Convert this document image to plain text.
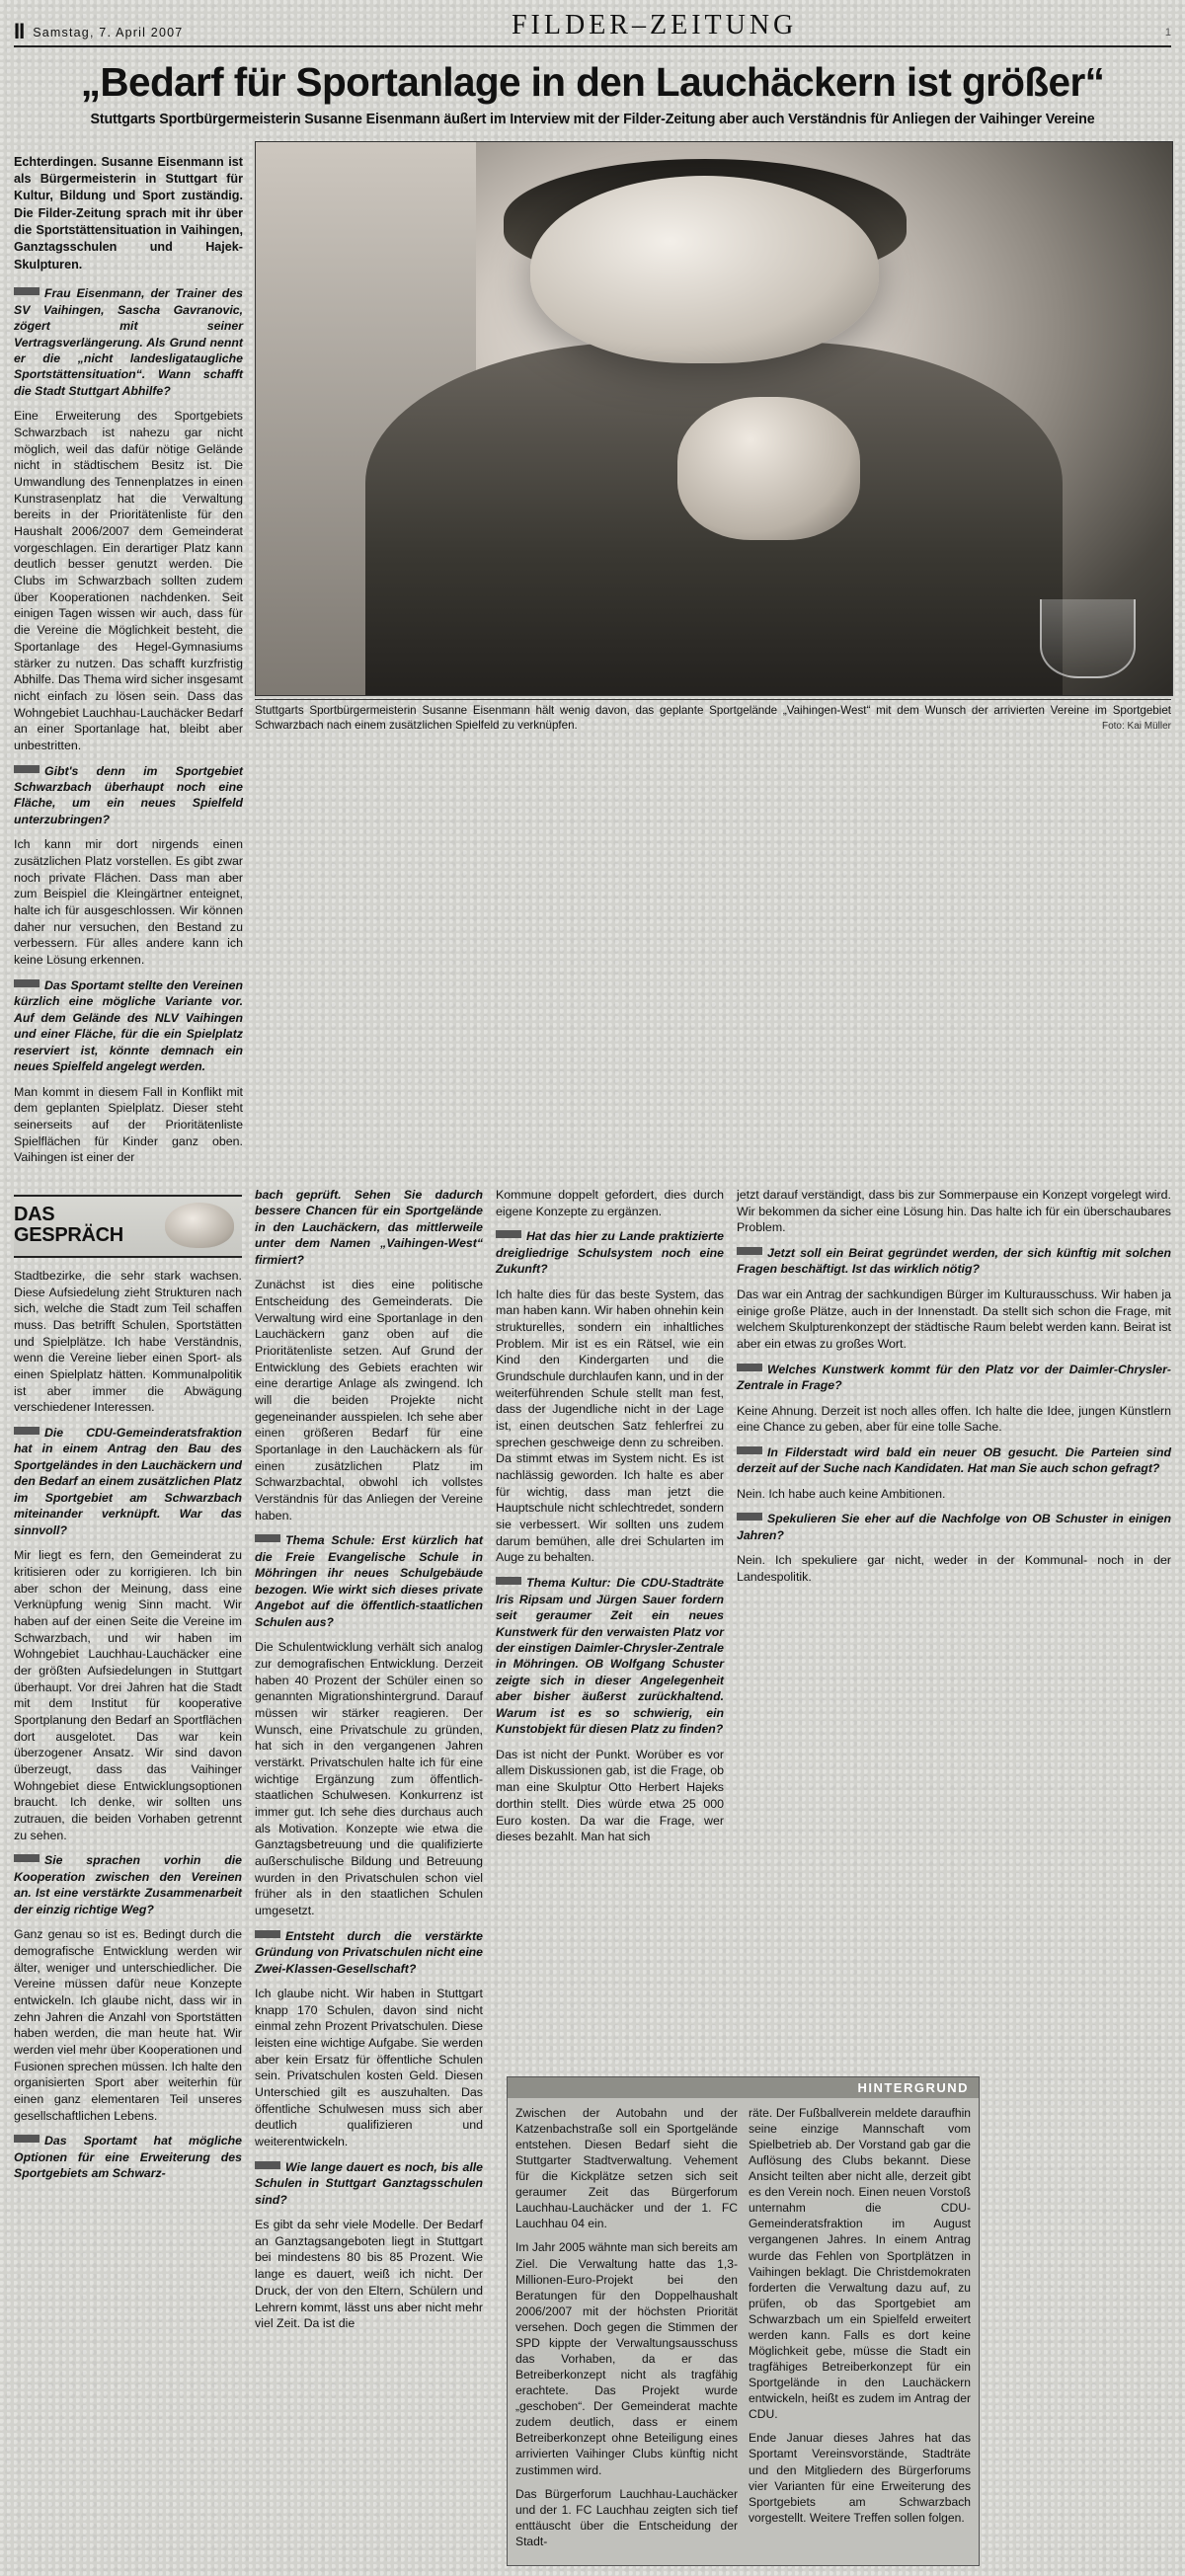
II Samstag, 7. April 2007	FILDER–ZEITUNG	1
„Bedarf für Sportanlage in den Lauchäckern ist größer“
Stuttgarts Sportbürgermeisterin Susanne Eisenmann äußert im Interview mit der Filder-Zeitung aber auch Verständnis für Anliegen der Vaihinger Vereine

Echterdingen. Susanne Eisenmann ist als Bürgermeisterin in Stuttgart für Kultur, Bildung und Sport zuständig. Die Filder-Zeitung sprach mit ihr über die Sportstättensituation in Vaihingen, Ganztagsschulen und Hajek-Skulpturen.

Frau Eisenmann, der Trainer des SV Vaihingen, Sascha Gavranovic, zögert mit seiner Vertragsverlängerung. Als Grund nennt er die „nicht landesligataugliche Sportstättensituation“. Wann schafft die Stadt Stuttgart Abhilfe?

Eine Erweiterung des Sportgebiets Schwarzbach ist nahezu gar nicht möglich, weil das dafür nötige Gelände nicht in städtischem Besitz ist. Die Umwandlung des Tennenplatzes in einen Kunstrasenplatz hat die Verwaltung bereits in der Prioritätenliste für den Haushalt 2006/2007 dem Gemeinderat vorgeschlagen. Ein derartiger Platz kann deutlich besser genutzt werden. Die Clubs im Schwarzbach sollten zudem über Kooperationen nachdenken. Seit einigen Tagen wissen wir auch, dass für die Vereine die Möglichkeit besteht, die Sportanlage des Hegel-Gymnasiums stärker zu nutzen. Das schafft kurzfristig Abhilfe. Das Thema wird sicher insgesamt nicht einfach zu lösen sein. Dass das Wohngebiet Lauchhau-Lauchäcker Bedarf an einer Sportanlage hat, bleibt aber unbestritten.

Gibt's denn im Sportgebiet Schwarzbach überhaupt noch eine Fläche, um ein neues Spielfeld unterzubringen?

Ich kann mir dort nirgends einen zusätzlichen Platz vorstellen. Es gibt zwar noch private Flächen. Dass man aber zum Beispiel die Kleingärtner enteignet, halte ich für ausgeschlossen. Wir können daher nur versuchen, den Bestand zu verbessern. Für alles andere kann ich keine Lösung erkennen.

Das Sportamt stellte den Vereinen kürzlich eine mögliche Variante vor. Auf dem Gelände des NLV Vaihingen und einer Fläche, für die ein Spielplatz reserviert ist, könnte demnach ein neues Spielfeld angelegt werden.

Man kommt in diesem Fall in Konflikt mit dem geplanten Spielplatz. Dieser steht seinerseits auf der Prioritätenliste Spielflächen für Kinder ganz oben. Vaihingen ist einer der

Stuttgarts Sportbürgermeisterin Susanne Eisenmann hält wenig davon, das geplante Sportgelände „Vaihingen-West“ mit dem Wunsch der arrivierten Vereine im Sportgebiet Schwarzbach nach einem zusätzlichen Spielfeld zu verknüpfen.	Foto: Kai Müller
DAS
GESPRÄCH

Stadtbezirke, die sehr stark wachsen. Diese Aufsiedelung zieht Strukturen nach sich, welche die Stadt zum Teil schaffen muss. Das betrifft Schulen, Sportstätten und Spielplätze. Ich habe Verständnis, wenn die Vereine lieber einen Sport- als einen Spielplatz hätten. Kommunalpolitik ist aber immer die Abwägung verschiedener Interessen.

Die CDU-Gemeinderatsfraktion hat in einem Antrag den Bau des Sportgeländes in den Lauchäckern und den Bedarf an einem zusätzlichen Platz im Sportgebiet am Schwarzbach miteinander verknüpft. War das sinnvoll?

Mir liegt es fern, den Gemeinderat zu kritisieren oder zu korrigieren. Ich bin aber schon der Meinung, dass eine Verknüpfung wenig Sinn macht. Wir haben auf der einen Seite die Vereine im Schwarzbach, und wir haben im Wohngebiet Lauchhau-Lauchäcker eine der größten Aufsiedelungen in Stuttgart überhaupt. Vor drei Jahren hat die Stadt mit dem Institut für kooperative Sportplanung den Bedarf an Sportflächen dort ausgelotet. Das war kein überzogener Ansatz. Wir sind davon überzeugt, dass das Vaihinger Wohngebiet diese Entwicklungsoptionen braucht. Ich denke, wir sollten uns zutrauen, die beiden Vorhaben getrennt zu sehen.

Sie sprachen vorhin die Kooperation zwischen den Vereinen an. Ist eine verstärkte Zusammenarbeit der einzig richtige Weg?

Ganz genau so ist es. Bedingt durch die demografische Entwicklung werden wir älter, weniger und unterschiedlicher. Die Vereine müssen dafür neue Konzepte entwickeln. Ich glaube nicht, dass wir in zehn Jahren die Anzahl von Sportstätten haben werden, die man heute hat. Wir werden viel mehr über Kooperationen und Fusionen sprechen müssen. Ich halte den organisierten Sport aber weiterhin für einen ganz elementaren Teil unseres gesellschaftlichen Lebens.

Das Sportamt hat mögliche Optionen für eine Erweiterung des Sportgebiets am Schwarz-

bach geprüft. Sehen Sie dadurch bessere Chancen für ein Sportgelände in den Lauchäckern, das mittlerweile unter dem Namen „Vaihingen-West“ firmiert?

Zunächst ist dies eine politische Entscheidung des Gemeinderats. Die Verwaltung wird eine Sportanlage in den Lauchäckern ganz oben auf die Prioritätenliste setzen. Auf Grund der Entwicklung des Gebiets erachten wir eine derartige Anlage als zwingend. Ich will die beiden Projekte nicht gegeneinander ausspielen. Ich sehe aber einen größeren Bedarf für eine Sportanlage in den Lauchäckern als für einen zusätzlichen Platz im Schwarzbachtal, obwohl ich vollstes Verständnis für das Anliegen der Vereine haben.

Thema Schule: Erst kürzlich hat die Freie Evangelische Schule in Möhringen ihr neues Schulgebäude bezogen. Wie wirkt sich dieses private Angebot auf die öffentlich-staatlichen Schulen aus?

Die Schulentwicklung verhält sich analog zur demografischen Entwicklung. Derzeit haben 40 Prozent der Schüler einen so genannten Migrationshintergrund. Darauf müssen wir stärker reagieren. Der Wunsch, eine Privatschule zu gründen, hat sich in den vergangenen Jahren verstärkt. Privatschulen halte ich für eine wichtige Ergänzung zum öffentlich-staatlichen Schulwesen. Konkurrenz ist immer gut. Ich sehe dies durchaus auch als Motivation. Konzepte wie etwa die Ganztagsbetreuung und die qualifizierte außerschulische Bildung und Betreuung wurden in den Privatschulen schon viel früher als in den staatlichen Schulen umgesetzt.

Entsteht durch die verstärkte Gründung von Privatschulen nicht eine Zwei-Klassen-Gesellschaft?

Ich glaube nicht. Wir haben in Stuttgart knapp 170 Schulen, davon sind nicht einmal zehn Prozent Privatschulen. Diese leisten eine wichtige Aufgabe. Sie werden aber kein Ersatz für öffentliche Schulen sein. Privatschulen kosten Geld. Diesen Unterschied gilt es auszuhalten. Das öffentliche Schulwesen muss sich aber deutlich qualifizieren und weiterentwickeln.

Wie lange dauert es noch, bis alle Schulen in Stuttgart Ganztagsschulen sind?

Es gibt da sehr viele Modelle. Der Bedarf an Ganztagsangeboten liegt in Stuttgart bei mindestens 80 bis 85 Prozent. Wie lange es dauert, weiß ich nicht. Der Druck, der von den Eltern, Schülern und Lehrern kommt, lässt uns aber nicht mehr viel Zeit. Da ist die

Kommune doppelt gefordert, dies durch eigene Konzepte zu ergänzen.

Hat das hier zu Lande praktizierte dreigliedrige Schulsystem noch eine Zukunft?

Ich halte dies für das beste System, das man haben kann. Wir haben ohnehin kein strukturelles, sondern ein inhaltliches Problem. Mir ist es ein Rätsel, wie ein Kind den Kindergarten und die Grundschule durchlaufen kann, und in der weiterführenden Schule stellt man fest, dass der Jugendliche nicht in der Lage ist, einen deutschen Satz fehlerfrei zu sprechen geschweige denn zu schreiben. Da stimmt etwas im System nicht. Es ist nachlässig geworden. Ich halte es aber für wichtig, dass man jetzt die Hauptschule nicht schlechtredet, sondern sie verbessert. Wir sollten uns zudem darum bemühen, alle drei Schularten im Auge zu behalten.

Thema Kultur: Die CDU-Stadträte Iris Ripsam und Jürgen Sauer fordern seit geraumer Zeit ein neues Kunstwerk für den verwaisten Platz vor der einstigen Daimler-Chrysler-Zentrale in Möhringen. OB Wolfgang Schuster zeigte sich in dieser Angelegenheit aber bisher äußerst zurückhaltend. Warum ist es so schwierig, ein Kunstobjekt für diesen Platz zu finden?

Das ist nicht der Punkt. Worüber es vor allem Diskussionen gab, ist die Frage, ob man eine Skulptur Otto Herbert Hajeks dorthin stellt. Dies würde etwa 25 000 Euro kosten. Da war die Frage, wer dieses bezahlt. Man hat sich

jetzt darauf verständigt, dass bis zur Sommerpause ein Konzept vorgelegt wird. Wir bekommen da sicher eine Lösung hin. Das halte ich für ein überschaubares Problem.

Jetzt soll ein Beirat gegründet werden, der sich künftig mit solchen Fragen beschäftigt. Ist das wirklich nötig?

Das war ein Antrag der sachkundigen Bürger im Kulturausschuss. Wir haben ja einige große Plätze, auch in der Innenstadt. Da stellt sich schon die Frage, mit welchem Skulpturenkonzept der städtische Raum belebt werden kann. Beirat ist aber ein etwas zu großes Wort.

Welches Kunstwerk kommt für den Platz vor der Daimler-Chrysler-Zentrale in Frage?

Keine Ahnung. Derzeit ist noch alles offen. Ich halte die Idee, jungen Künstlern eine Chance zu geben, aber für eine tolle Sache.

In Filderstadt wird bald ein neuer OB gesucht. Die Parteien sind derzeit auf der Suche nach Kandidaten. Hat man Sie auch schon gefragt?

Nein. Ich habe auch keine Ambitionen.

Spekulieren Sie eher auf die Nachfolge von OB Schuster in einigen Jahren?

Nein. Ich spekuliere gar nicht, weder in der Kommunal- noch in der Landespolitik.

HINTERGRUND

Zwischen der Autobahn und der Katzenbachstraße soll ein Sportgelände entstehen. Diesen Bedarf sieht die Stuttgarter Stadtverwaltung. Vehement für die Kickplätze setzen sich seit geraumer Zeit das Bürgerforum Lauchhau-Lauchäcker und der 1. FC Lauchhau 04 ein.

Im Jahr 2005 wähnte man sich bereits am Ziel. Die Verwaltung hatte das 1,3-Millionen-Euro-Projekt bei den Beratungen für den Doppelhaushalt 2006/2007 mit der höchsten Priorität versehen. Doch gegen die Stimmen der SPD kippte der Verwaltungsausschuss das Vorhaben, da er das Betreiberkonzept nicht als tragfähig erachtete. Das Projekt wurde „geschoben“. Der Gemeinderat machte zudem deutlich, dass er einem Betreiberkonzept ohne Beteiligung eines arrivierten Vaihinger Clubs künftig nicht zustimmen wird.

Das Bürgerforum Lauchhau-Lauchäcker und der 1. FC Lauchhau zeigten sich tief enttäuscht über die Entscheidung der Stadt-

räte. Der Fußballverein meldete daraufhin seine einzige Mannschaft vom Spielbetrieb ab. Der Vorstand gab gar die Auflösung des Clubs bekannt. Diese Ansicht teilten aber nicht alle, derzeit gibt es den Verein noch. Einen neuen Vorstoß unternahm die CDU-Gemeinderatsfraktion im August vergangenen Jahres. In einem Antrag wurde das Fehlen von Sportplätzen in Vaihingen beklagt. Die Christdemokraten forderten die Verwaltung dazu auf, zu prüfen, ob das Sportgebiet am Schwarzbach um ein Spielfeld erweitert werden kann. Falls es dort keine Möglichkeit gebe, müsse die Stadt ein tragfähiges Betreiberkonzept für ein Sportgelände in den Lauchäckern entwickeln, heißt es zudem im Antrag der CDU.

Ende Januar dieses Jahres hat das Sportamt Vereinsvorstände, Stadträte und den Mitgliedern des Bürgerforums vier Varianten für eine Erweiterung des Sportgebiets am Schwarzbach vorgestellt. Weitere Treffen sollen folgen.
